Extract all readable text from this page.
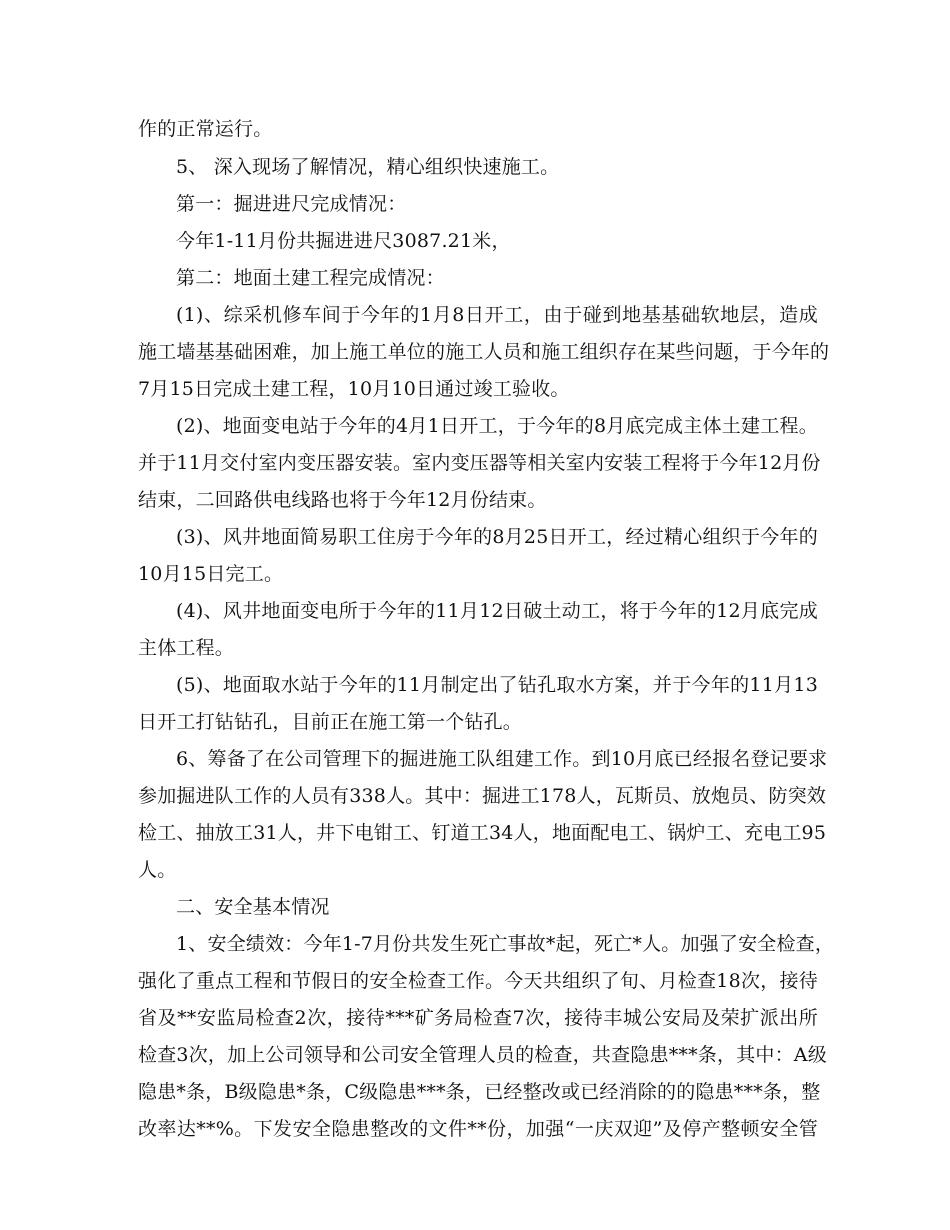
作的正常运行。
5、 深入现场了解情况，精心组织快速施工。
第一：掘进进尺完成情况：
今年1-11月份共掘进进尺3087.21米，
第二：地面土建工程完成情况：
(1)、综采机修车间于今年的1月8日开工，由于碰到地基基础软地层，造成
施工墙基基础困难，加上施工单位的施工人员和施工组织存在某些问题，于今年的
7月15日完成土建工程，10月10日通过竣工验收。
(2)、地面变电站于今年的4月1日开工，于今年的8月底完成主体土建工程。
并于11月交付室内变压器安装。室内变压器等相关室内安装工程将于今年12月份
结束，二回路供电线路也将于今年12月份结束。
(3)、风井地面简易职工住房于今年的8月25日开工，经过精心组织于今年的
10月15日完工。
(4)、风井地面变电所于今年的11月12日破土动工，将于今年的12月底完成
主体工程。
(5)、地面取水站于今年的11月制定出了钻孔取水方案，并于今年的11月13
日开工打钻钻孔，目前正在施工第一个钻孔。
6、筹备了在公司管理下的掘进施工队组建工作。到10月底已经报名登记要求
参加掘进队工作的人员有338人。其中：掘进工178人，瓦斯员、放炮员、防突效
检工、抽放工31人，井下电钳工、钉道工34人，地面配电工、锅炉工、充电工95
人。
二、安全基本情况
1、安全绩效：今年1-7月份共发生死亡事故*起，死亡*人。加强了安全检查，
强化了重点工程和节假日的安全检查工作。今天共组织了旬、月检查18次，接待
省及**安监局检查2次，接待***矿务局检查7次，接待丰城公安局及荣扩派出所
检查3次，加上公司领导和公司安全管理人员的检查，共查隐患***条，其中：A级
隐患*条，B级隐患*条，C级隐患***条，已经整改或已经消除的的隐患***条，整
改率达**%。下发安全隐患整改的文件**份，加强“一庆双迎”及停产整顿安全管
